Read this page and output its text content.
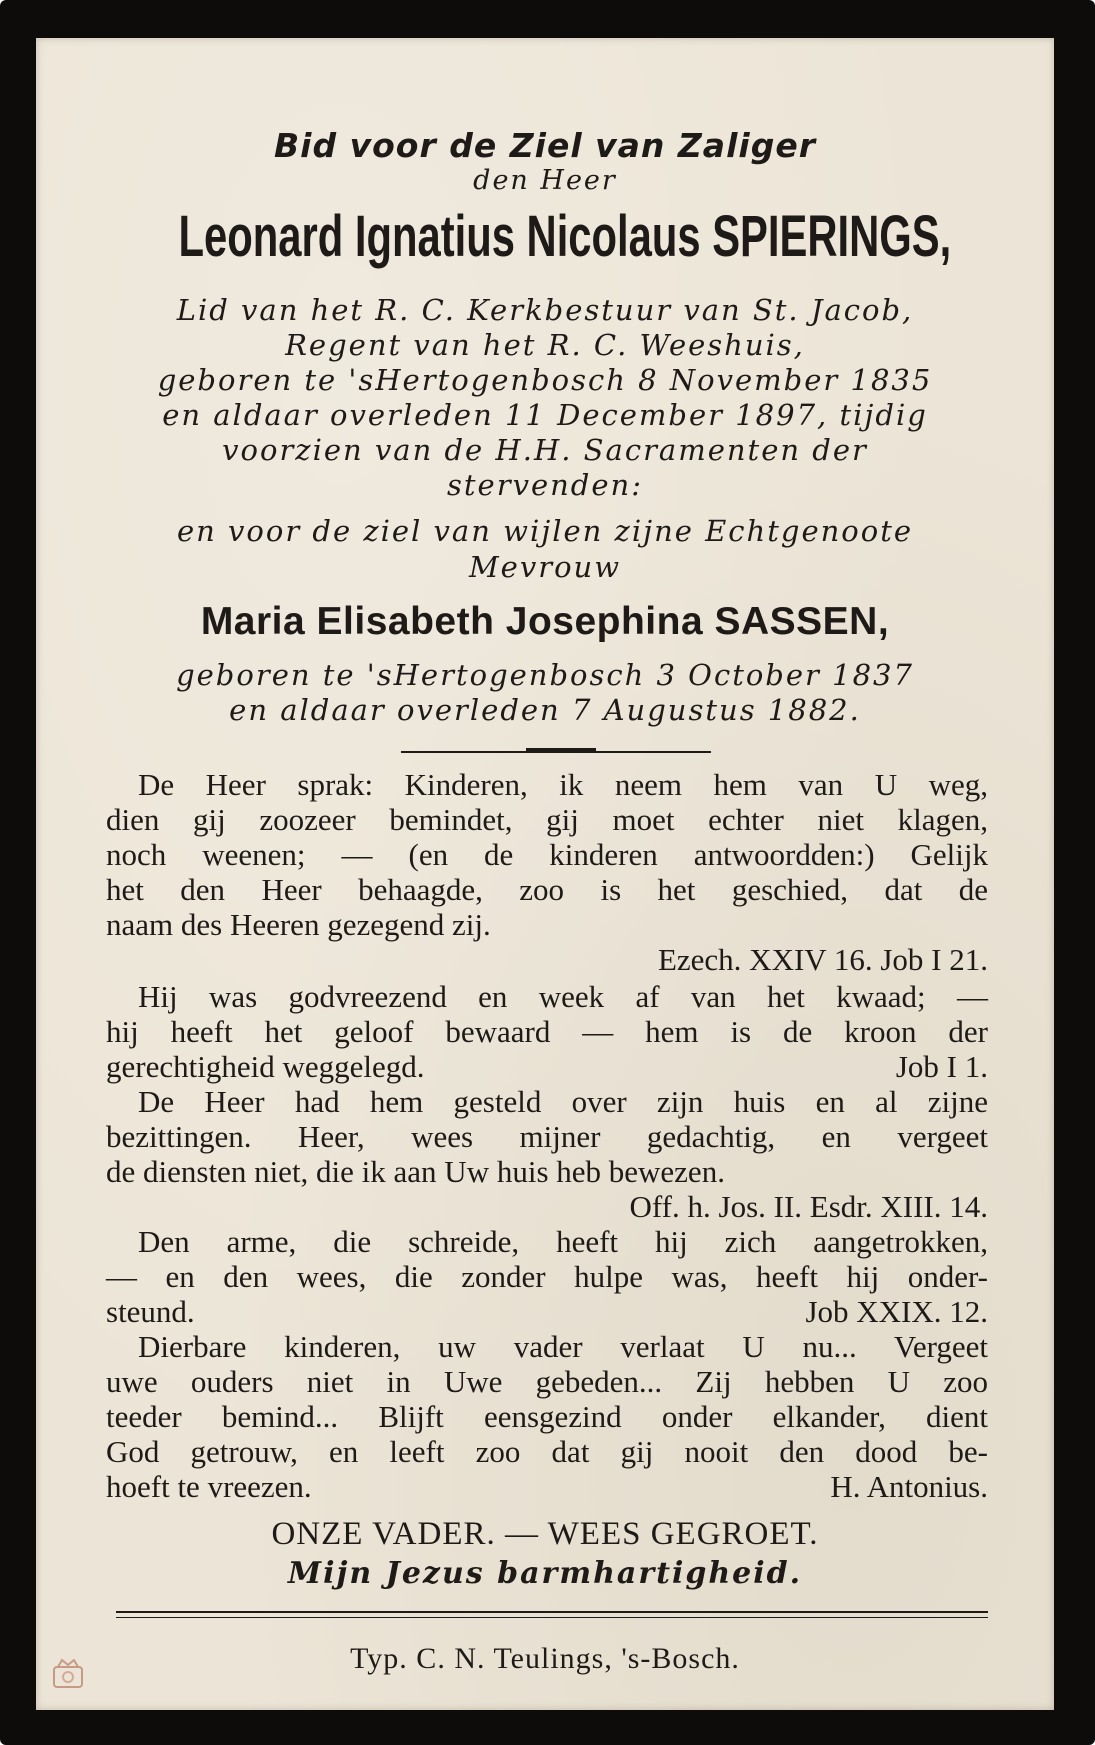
Bid voor de Ziel van Zaliger
den Heer
Leonard Ignatius Nicolaus SPIERINGS,
Lid van het R. C. Kerkbestuur van St. Jacob,
Regent van het R. C. Weeshuis,
geboren te 'sHertogenbosch 8 November 1835
en aldaar overleden 11 December 1897, tijdig
voorzien van de H.H. Sacramenten der
stervenden:
en voor de ziel van wijlen zijne Echtgenoote
Mevrouw
Maria Elisabeth Josephina SASSEN,
geboren te 'sHertogenbosch 3 October 1837
en aldaar overleden 7 Augustus 1882.
De Heer sprak: Kinderen, ik neem hem van U weg,
dien gij zoozeer bemindet, gij moet echter niet klagen,
noch weenen; — (en de kinderen antwoordden:) Gelijk
het den Heer behaagde, zoo is het geschied, dat de
naam des Heeren gezegend zij.
Ezech. XXIV 16. Job I 21.
Hij was godvreezend en week af van het kwaad; —
hij heeft het geloof bewaard — hem is de kroon der
gerechtigheid weggelegd.	Job I 1.
De Heer had hem gesteld over zijn huis en al zijne
bezittingen. Heer, wees mijner gedachtig, en vergeet
de diensten niet, die ik aan Uw huis heb bewezen.
Off. h. Jos. II. Esdr. XIII. 14.
Den arme, die schreide, heeft hij zich aangetrokken,
— en den wees, die zonder hulpe was, heeft hij onder-
steund.	Job XXIX. 12.
Dierbare kinderen, uw vader verlaat U nu... Vergeet
uwe ouders niet in Uwe gebeden... Zij hebben U zoo
teeder bemind... Blijft eensgezind onder elkander, dient
God getrouw, en leeft zoo dat gij nooit den dood be-
hoeft te vreezen.	H. Antonius.
ONZE VADER. — WEES GEGROET.
Mijn Jezus barmhartigheid.
Typ. C. N. Teulings, 's-Bosch.
